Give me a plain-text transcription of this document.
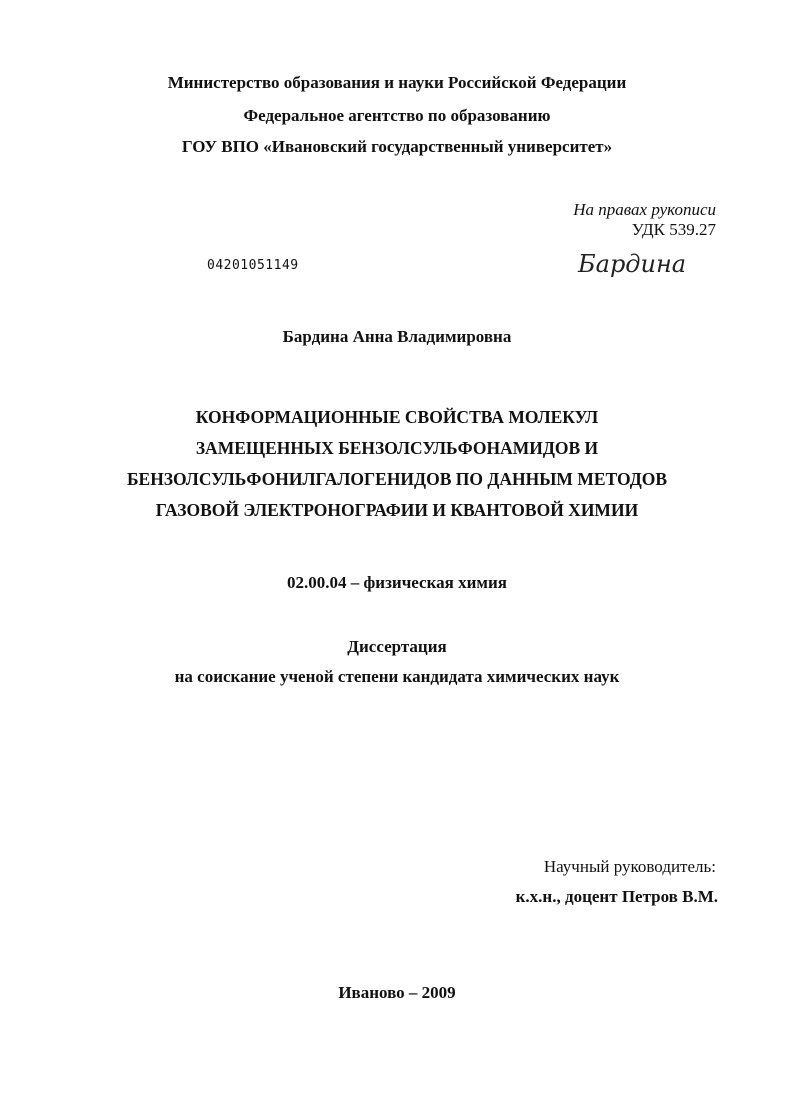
Министерство образования и науки Российской Федерации
Федеральное агентство по образованию
ГОУ ВПО «Ивановский государственный университет»
На правах рукописи
УДК 539.27
04201051149	Бардина
Бардина Анна Владимировна
КОНФОРМАЦИОННЫЕ СВОЙСТВА МОЛЕКУЛ
ЗАМЕЩЕННЫХ БЕНЗОЛСУЛЬФОНАМИДОВ И
БЕНЗОЛСУЛЬФОНИЛГАЛОГЕНИДОВ ПО ДАННЫМ МЕТОДОВ
ГАЗОВОЙ ЭЛЕКТРОНОГРАФИИ И КВАНТОВОЙ ХИМИИ
02.00.04 – физическая химия
Диссертация
на соискание ученой степени кандидата химических наук
Научный руководитель:
к.х.н., доцент Петров В.М.
Иваново – 2009
